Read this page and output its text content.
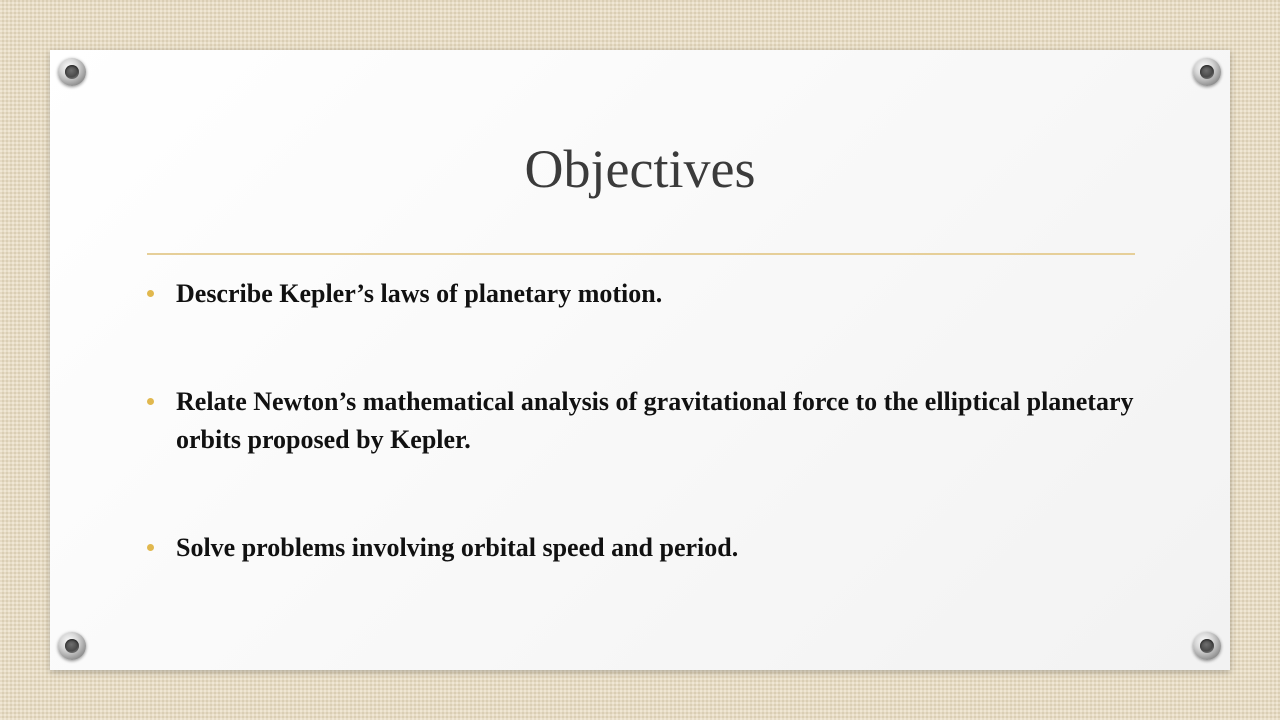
Objectives
Describe Kepler’s laws of planetary motion.
Relate Newton’s mathematical analysis of gravitational force to the elliptical planetary orbits proposed by Kepler.
Solve problems involving orbital speed and period.
